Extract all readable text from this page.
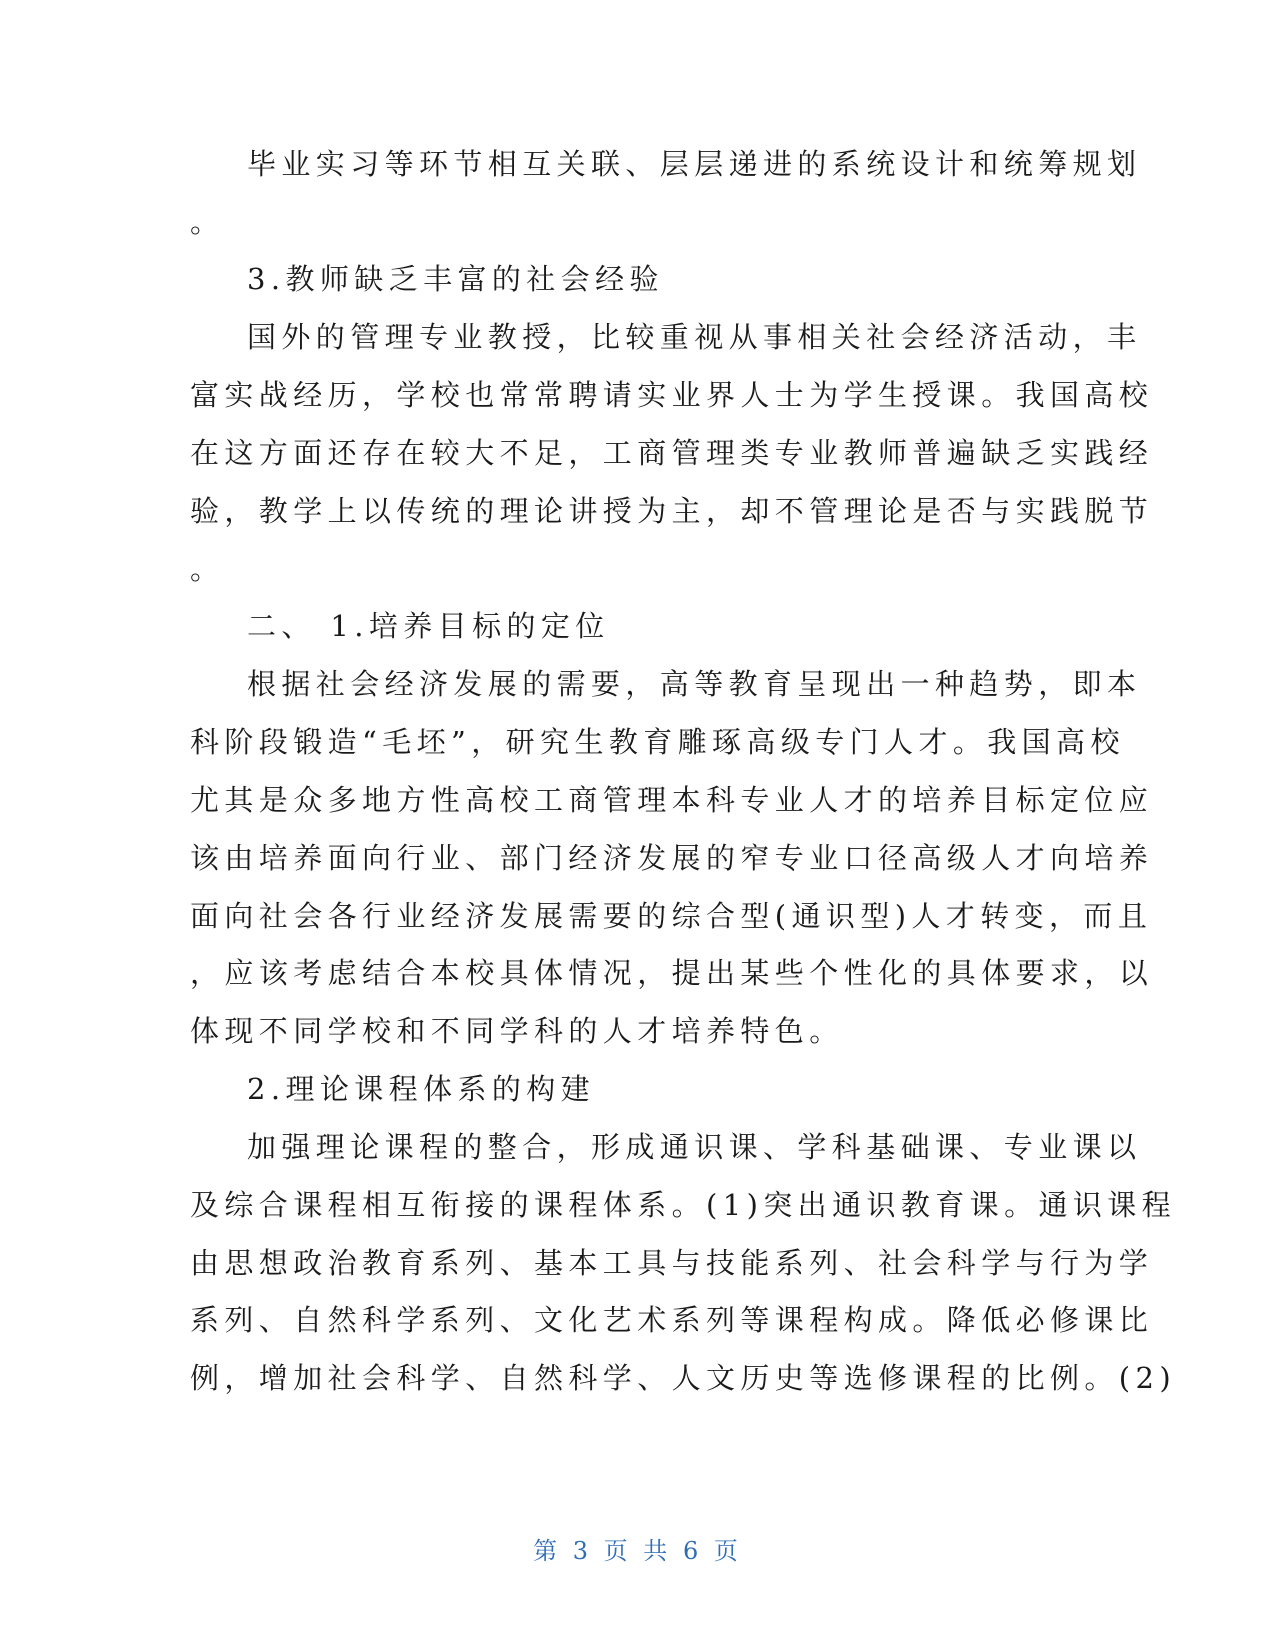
毕业实习等环节相互关联、层层递进的系统设计和统筹规划
。
3.教师缺乏丰富的社会经验
国外的管理专业教授，比较重视从事相关社会经济活动，丰
富实战经历，学校也常常聘请实业界人士为学生授课。我国高校
在这方面还存在较大不足，工商管理类专业教师普遍缺乏实践经
验，教学上以传统的理论讲授为主，却不管理论是否与实践脱节
。
二、 1.培养目标的定位
根据社会经济发展的需要，高等教育呈现出一种趋势，即本
科阶段锻造“毛坯”，研究生教育雕琢高级专门人才。我国高校
尤其是众多地方性高校工商管理本科专业人才的培养目标定位应
该由培养面向行业、部门经济发展的窄专业口径高级人才向培养
面向社会各行业经济发展需要的综合型(通识型)人才转变，而且
，应该考虑结合本校具体情况，提出某些个性化的具体要求，以
体现不同学校和不同学科的人才培养特色。
2.理论课程体系的构建
加强理论课程的整合，形成通识课、学科基础课、专业课以
及综合课程相互衔接的课程体系。(1)突出通识教育课。通识课程
由思想政治教育系列、基本工具与技能系列、社会科学与行为学
系列、自然科学系列、文化艺术系列等课程构成。降低必修课比
例，增加社会科学、自然科学、人文历史等选修课程的比例。(2)
第 3 页 共 6 页
